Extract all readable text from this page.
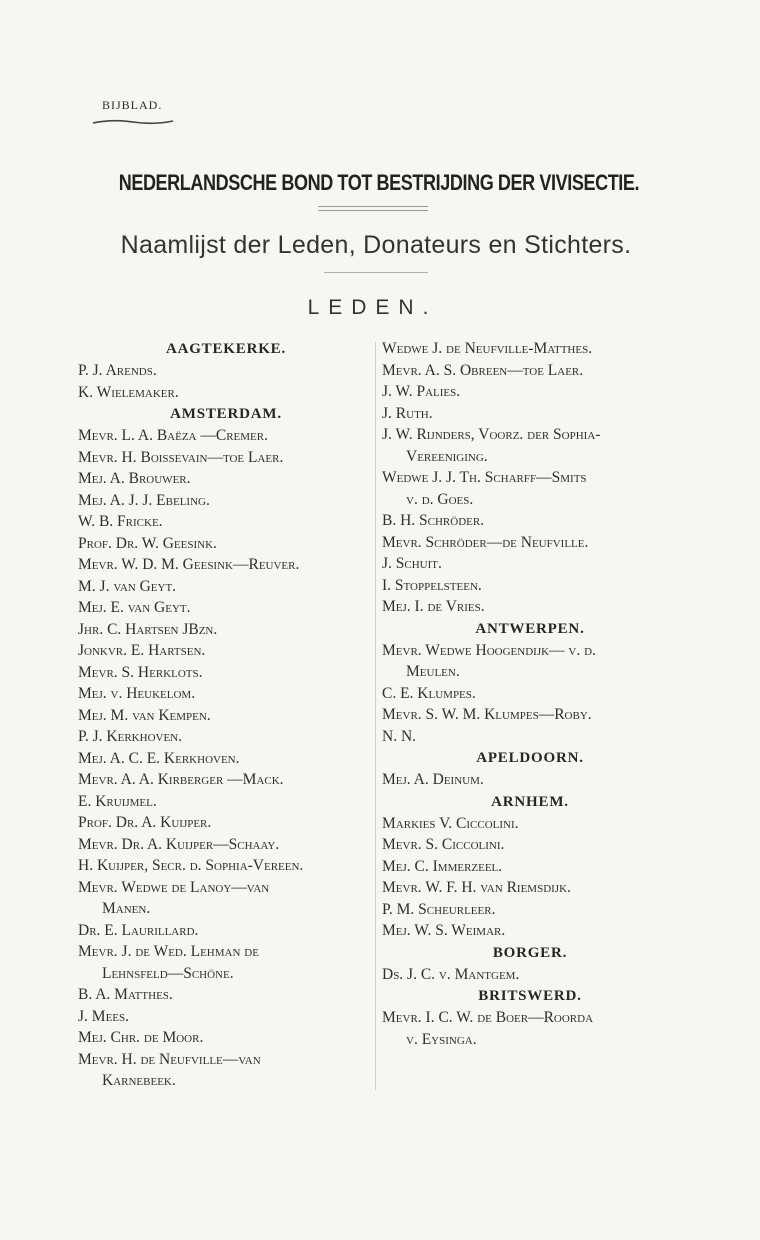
BIJBLAD.
NEDERLANDSCHE BOND TOT BESTRIJDING DER VIVISECTIE.
Naamlijst der Leden, Donateurs en Stichters.
LEDEN.
AAGTEKERKE.
P. J. Arends.
K. Wielemaker.
AMSTERDAM.
Mevr. L. A. Baëza —Cremer.
Mevr. H. Boissevain—toe Laer.
Mej. A. Brouwer.
Mej. A. J. J. Ebeling.
W. B. Fricke.
Prof. Dr. W. Geesink.
Mevr. W. D. M. Geesink—Reuver.
M. J. van Geyt.
Mej. E. van Geyt.
Jhr. C. Hartsen JBzn.
Jonkvr. E. Hartsen.
Mevr. S. Herklots.
Mej. v. Heukelom.
Mej. M. van Kempen.
P. J. Kerkhoven.
Mej. A. C. E. Kerkhoven.
Mevr. A. A. Kirberger —Mack.
E. Kruijmel.
Prof. Dr. A. Kuijper.
Mevr. Dr. A. Kuijper—Schaay.
H. Kuijper, Secr. d. Sophia-Vereen.
Mevr. Wedwe de Lanoy—van
Manen.
Dr. E. Laurillard.
Mevr. J. de Wed. Lehman de
Lehnsfeld—Schöne.
B. A. Matthes.
J. Mees.
Mej. Chr. de Moor.
Mevr. H. de Neufville—van
Karnebeek.
Wedwe J. de Neufville-Matthes.
Mevr. A. S. Obreen—toe Laer.
J. W. Palies.
J. Ruth.
J. W. Rijnders, Voorz. der Sophia-
Vereeniging.
Wedwe J. J. Th. Scharff—Smits
v. d. Goes.
B. H. Schröder.
Mevr. Schröder—de Neufville.
J. Schuit.
I. Stoppelsteen.
Mej. I. de Vries.
ANTWERPEN.
Mevr. Wedwe Hoogendijk— v. d.
Meulen.
C. E. Klumpes.
Mevr. S. W. M. Klumpes—Roby.
N. N.
APELDOORN.
Mej. A. Deinum.
ARNHEM.
Markies V. Ciccolini.
Mevr. S. Ciccolini.
Mej. C. Immerzeel.
Mevr. W. F. H. van Riemsdijk.
P. M. Scheurleer.
Mej. W. S. Weimar.
BORGER.
Ds. J. C. v. Mantgem.
BRITSWERD.
Mevr. I. C. W. de Boer—Roorda
v. Eysinga.
